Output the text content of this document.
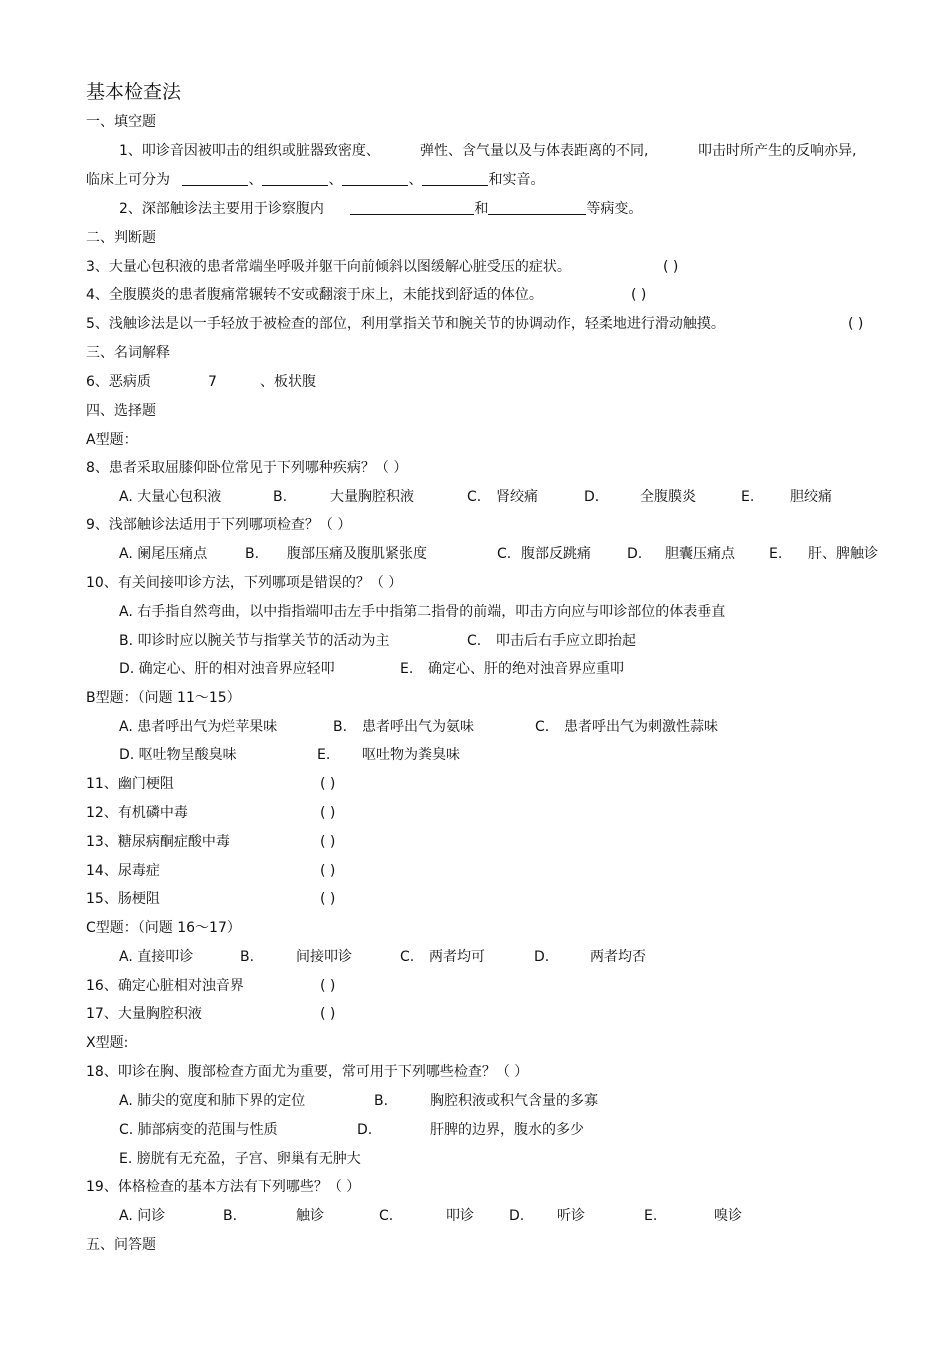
基本检查法
一、填空题
1、叩诊音因被叩击的组织或脏器致密度、	弹性、含气量以及与体表距离的不同,	叩击时所产生的反响亦异,
临床上可分为	、	、	、	和实音。
2、深部触诊法主要用于诊察腹内	和	等病变。
二、判断题
3、大量心包积液的患者常端坐呼吸并躯干向前倾斜以图缓解心脏受压的症状。	( )
4、全腹膜炎的患者腹痛常辗转不安或翻滚于床上，未能找到舒适的体位。	( )
5、浅触诊法是以一手轻放于被检查的部位，利用掌指关节和腕关节的协调动作，轻柔地进行滑动触摸。	( )
三、名词解释
6、恶病质	7	、板状腹
四、选择题
A型题：
8、患者采取屈膝仰卧位常见于下列哪种疾病？（ ）
A. 大量心包积液	B.	大量胸腔积液	C. 肾绞痛	D.	全腹膜炎	E.	胆绞痛
9、浅部触诊法适用于下列哪项检查？（ ）
A. 阑尾压痛点	B. 腹部压痛及腹肌紧张度	C. 腹部反跳痛	D. 胆囊压痛点 E. 肝、脾触诊
10、有关间接叩诊方法，下列哪项是错误的？（ ）
A. 右手指自然弯曲，以中指指端叩击左手中指第二指骨的前端，叩击方向应与叩诊部位的体表垂直
B. 叩诊时应以腕关节与指掌关节的活动为主	C. 叩击后右手应立即抬起
D. 确定心、肝的相对浊音界应轻叩	E. 确定心、肝的绝对浊音界应重叩
B型题：（问题 11～15）
A. 患者呼出气为烂苹果味	B. 患者呼出气为氨味	C. 患者呼出气为刺激性蒜味
D. 呕吐物呈酸臭味	E. 呕吐物为粪臭味
11、幽门梗阻	( )
12、有机磷中毒	( )
13、糖尿病酮症酸中毒	( )
14、尿毒症	( )
15、肠梗阻	( )
C型题：（问题 16～17）
A. 直接叩诊	B.	间接叩诊	C. 两者均可	D.	两者均否
16、确定心脏相对浊音界	( )
17、大量胸腔积液	( )
X型题:
18、叩诊在胸、腹部检查方面尤为重要，常可用于下列哪些检查？（ ）
A. 肺尖的宽度和肺下界的定位	B.	胸腔积液或积气含量的多寡
C. 肺部病变的范围与性质	D.	肝脾的边界，腹水的多少
E. 膀胱有无充盈，子宫、卵巢有无肿大
19、体格检查的基本方法有下列哪些？（ ）
A. 问诊	B.	触诊	C.	叩诊	D. 听诊	E.	嗅诊
五、问答题
